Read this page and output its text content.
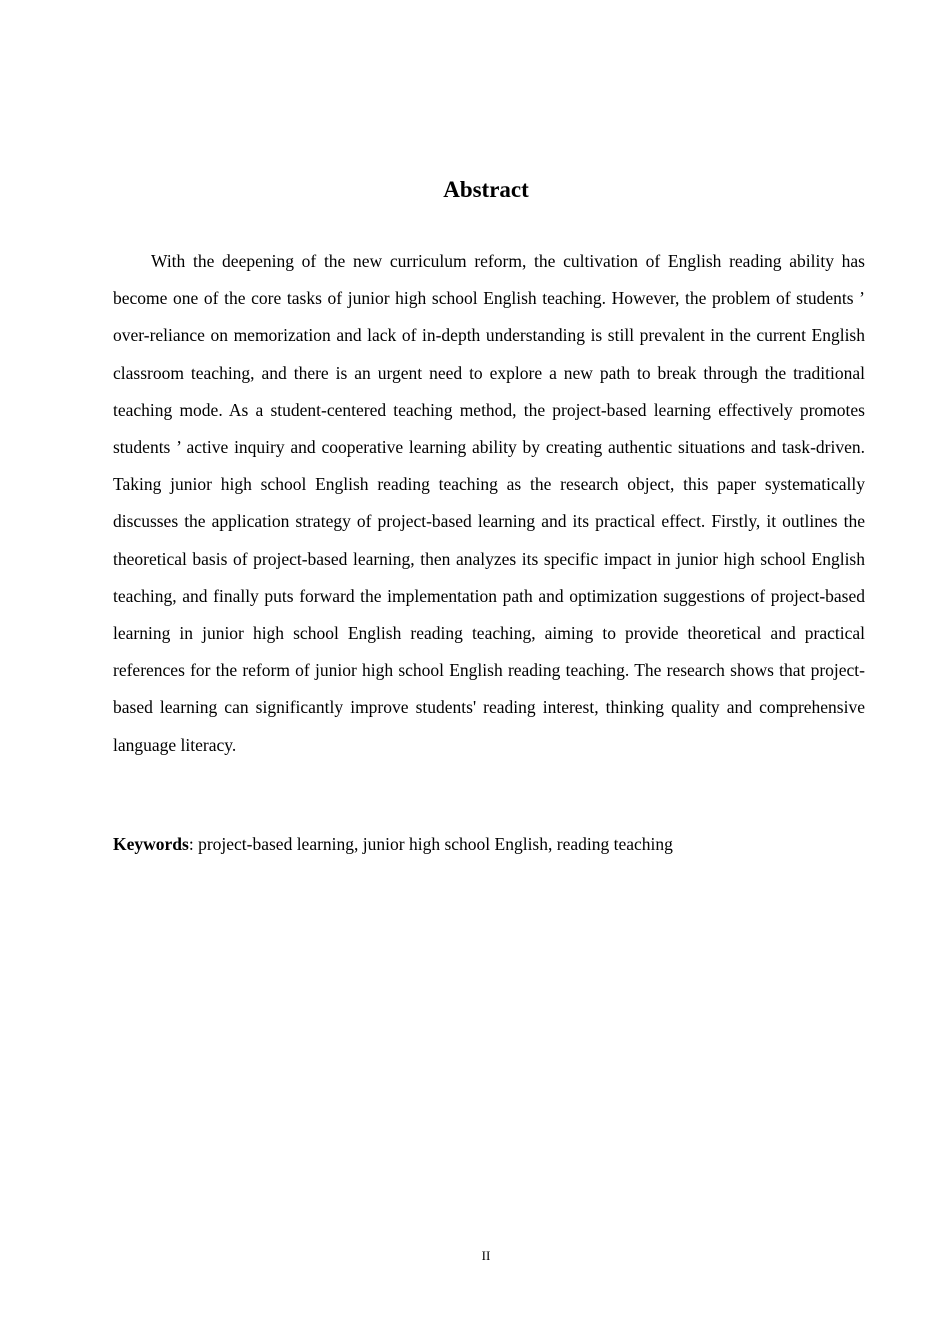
Abstract

With the deepening of the new curriculum reform, the cultivation of English reading ability has become one of the core tasks of junior high school English teaching. However, the problem of students ’ over-reliance on memorization and lack of in-depth understanding is still prevalent in the current English classroom teaching, and there is an urgent need to explore a new path to break through the traditional teaching mode. As a student-centered teaching method, the project-based learning effectively promotes students ’ active inquiry and cooperative learning ability by creating authentic situations and task-driven. Taking junior high school English reading teaching as the research object, this paper systematically discusses the application strategy of project-based learning and its practical effect. Firstly, it outlines the theoretical basis of project-based learning, then analyzes its specific impact in junior high school English teaching, and finally puts forward the implementation path and optimization suggestions of project-based learning in junior high school English reading teaching, aiming to provide theoretical and practical references for the reform of junior high school English reading teaching. The research shows that project-based learning can significantly improve students' reading interest, thinking quality and comprehensive language literacy.

Keywords: project-based learning, junior high school English, reading teaching

II
